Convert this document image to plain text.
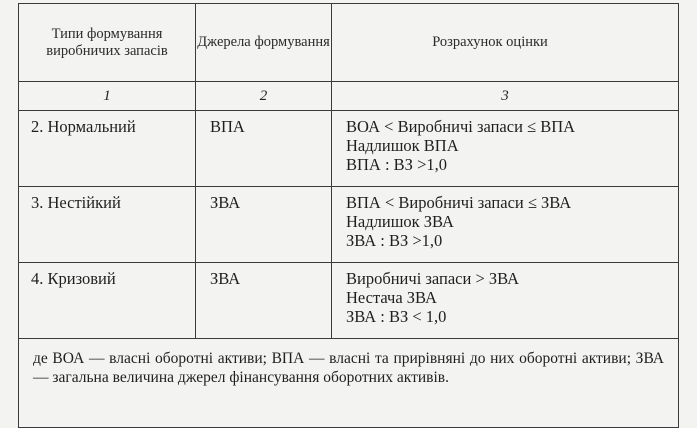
Типи формування виробничих запасів	Джерела формування	Розрахунок оцінки
1	2	3
2. Нормальний	ВПА	ВОА < Виробничі запаси ≤ ВПА
Надлишок ВПА
ВПА : ВЗ >1,0

3. Нестійкий	ЗВА	ВПА < Виробничі запаси ≤ ЗВА
Надлишок ЗВА
ЗВА : ВЗ >1,0

4. Кризовий	ЗВА	Виробничі запаси > ЗВА
Нестача ЗВА
ЗВА : ВЗ < 1,0

де ВОА — власні оборотні активи; ВПА — власні та прирівняні до них оборотні активи; ЗВА — загальна величина джерел фінансування оборотних активів.		
